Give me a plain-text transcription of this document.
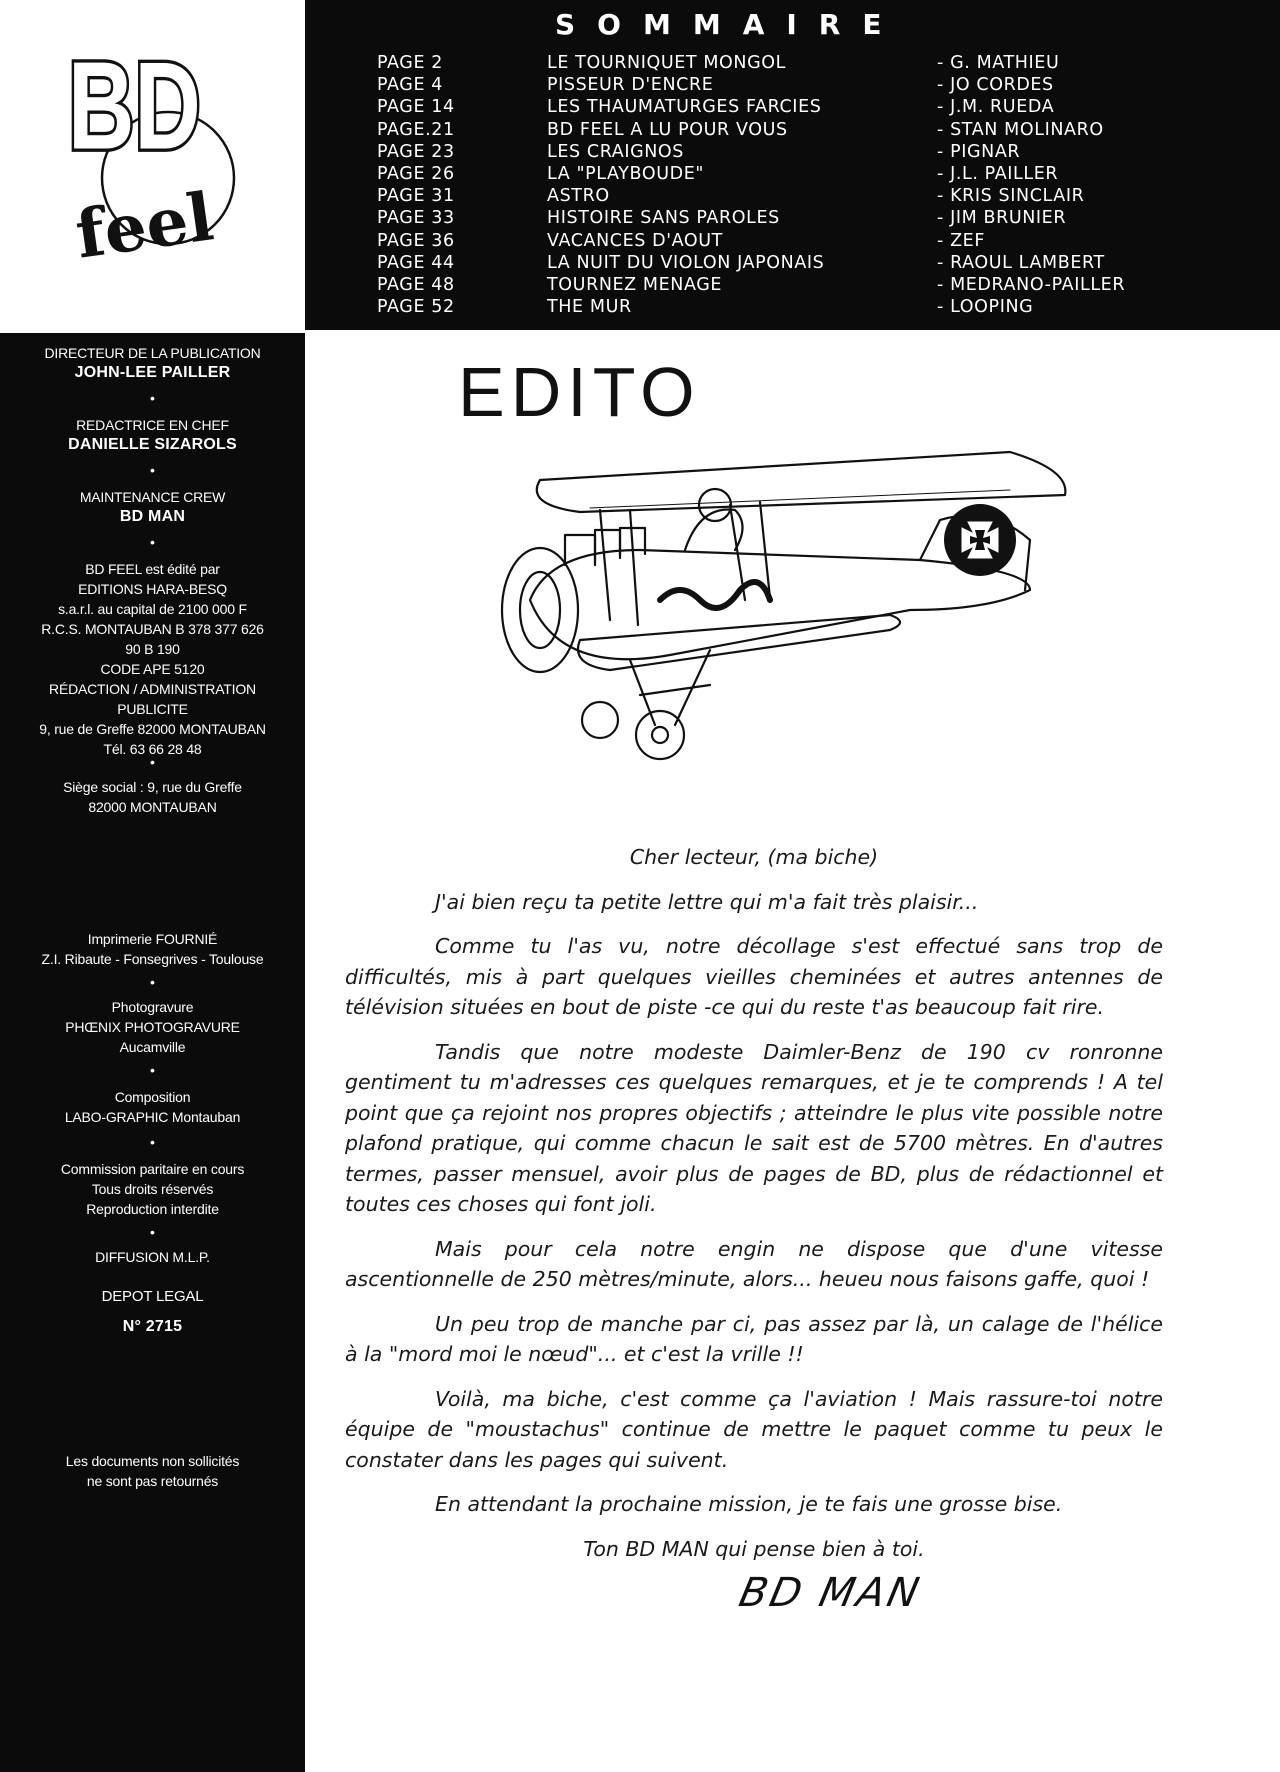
BD
feel
SOMMAIRE
PAGE 2	LE TOURNIQUET MONGOL	- G. MATHIEU
PAGE 4	PISSEUR D'ENCRE	- JO CORDES
PAGE 14	LES THAUMATURGES FARCIES	- J.M. RUEDA
PAGE.21	BD FEEL A LU POUR VOUS	- STAN MOLINARO
PAGE 23	LES CRAIGNOS	- PIGNAR
PAGE 26	LA "PLAYBOUDE"	- J.L. PAILLER
PAGE 31	ASTRO	- KRIS SINCLAIR
PAGE 33	HISTOIRE SANS PAROLES	- JIM BRUNIER
PAGE 36	VACANCES D'AOUT	- ZEF
PAGE 44	LA NUIT DU VIOLON JAPONAIS	- RAOUL LAMBERT
PAGE 48	TOURNEZ MENAGE	- MEDRANO-PAILLER
PAGE 52	THE MUR	- LOOPING
DIRECTEUR DE LA PUBLICATION
JOHN-LEE PAILLER
•
REDACTRICE EN CHEF
DANIELLE SIZAROLS
•
MAINTENANCE CREW
BD MAN
•
BD FEEL est édité par
EDITIONS HARA-BESQ
s.a.r.l. au capital de 2100 000 F
R.C.S. MONTAUBAN B 378 377 626
90 B 190
CODE APE 5120
RÉDACTION / ADMINISTRATION
PUBLICITE
9, rue de Greffe 82000 MONTAUBAN
Tél. 63 66 28 48
•
Siège social : 9, rue du Greffe
82000 MONTAUBAN
Imprimerie FOURNIÉ
Z.I. Ribaute - Fonsegrives - Toulouse
•
Photogravure
PHŒNIX PHOTOGRAVURE
Aucamville
•
Composition
LABO-GRAPHIC Montauban
•
Commission paritaire en cours
Tous droits réservés
Reproduction interdite
•
DIFFUSION M.L.P.
DEPOT LEGAL
N° 2715
Les documents non sollicités
ne sont pas retournés
EDITO

Cher lecteur, (ma biche)

J'ai bien reçu ta petite lettre qui m'a fait très plaisir...

Comme tu l'as vu, notre décollage s'est effectué sans trop de difficultés, mis à part quelques vieilles cheminées et autres antennes de télévision situées en bout de piste -ce qui du reste t'as beaucoup fait rire.

Tandis que notre modeste Daimler-Benz de 190 cv ronronne gentiment tu m'adresses ces quelques remarques, et je te comprends ! A tel point que ça rejoint nos propres objectifs ; atteindre le plus vite possible notre plafond pratique, qui comme chacun le sait est de 5700 mètres. En d'autres termes, passer mensuel, avoir plus de pages de BD, plus de rédactionnel et toutes ces choses qui font joli.

Mais pour cela notre engin ne dispose que d'une vitesse ascentionnelle de 250 mètres/minute, alors... heueu nous faisons gaffe, quoi !

Un peu trop de manche par ci, pas assez par là, un calage de l'hélice à la "mord moi le nœud"... et c'est la vrille !!

Voilà, ma biche, c'est comme ça l'aviation ! Mais rassure-toi notre équipe de "moustachus" continue de mettre le paquet comme tu peux le constater dans les pages qui suivent.

En attendant la prochaine mission, je te fais une grosse bise.

Ton BD MAN qui pense bien à toi.

BD MAN
